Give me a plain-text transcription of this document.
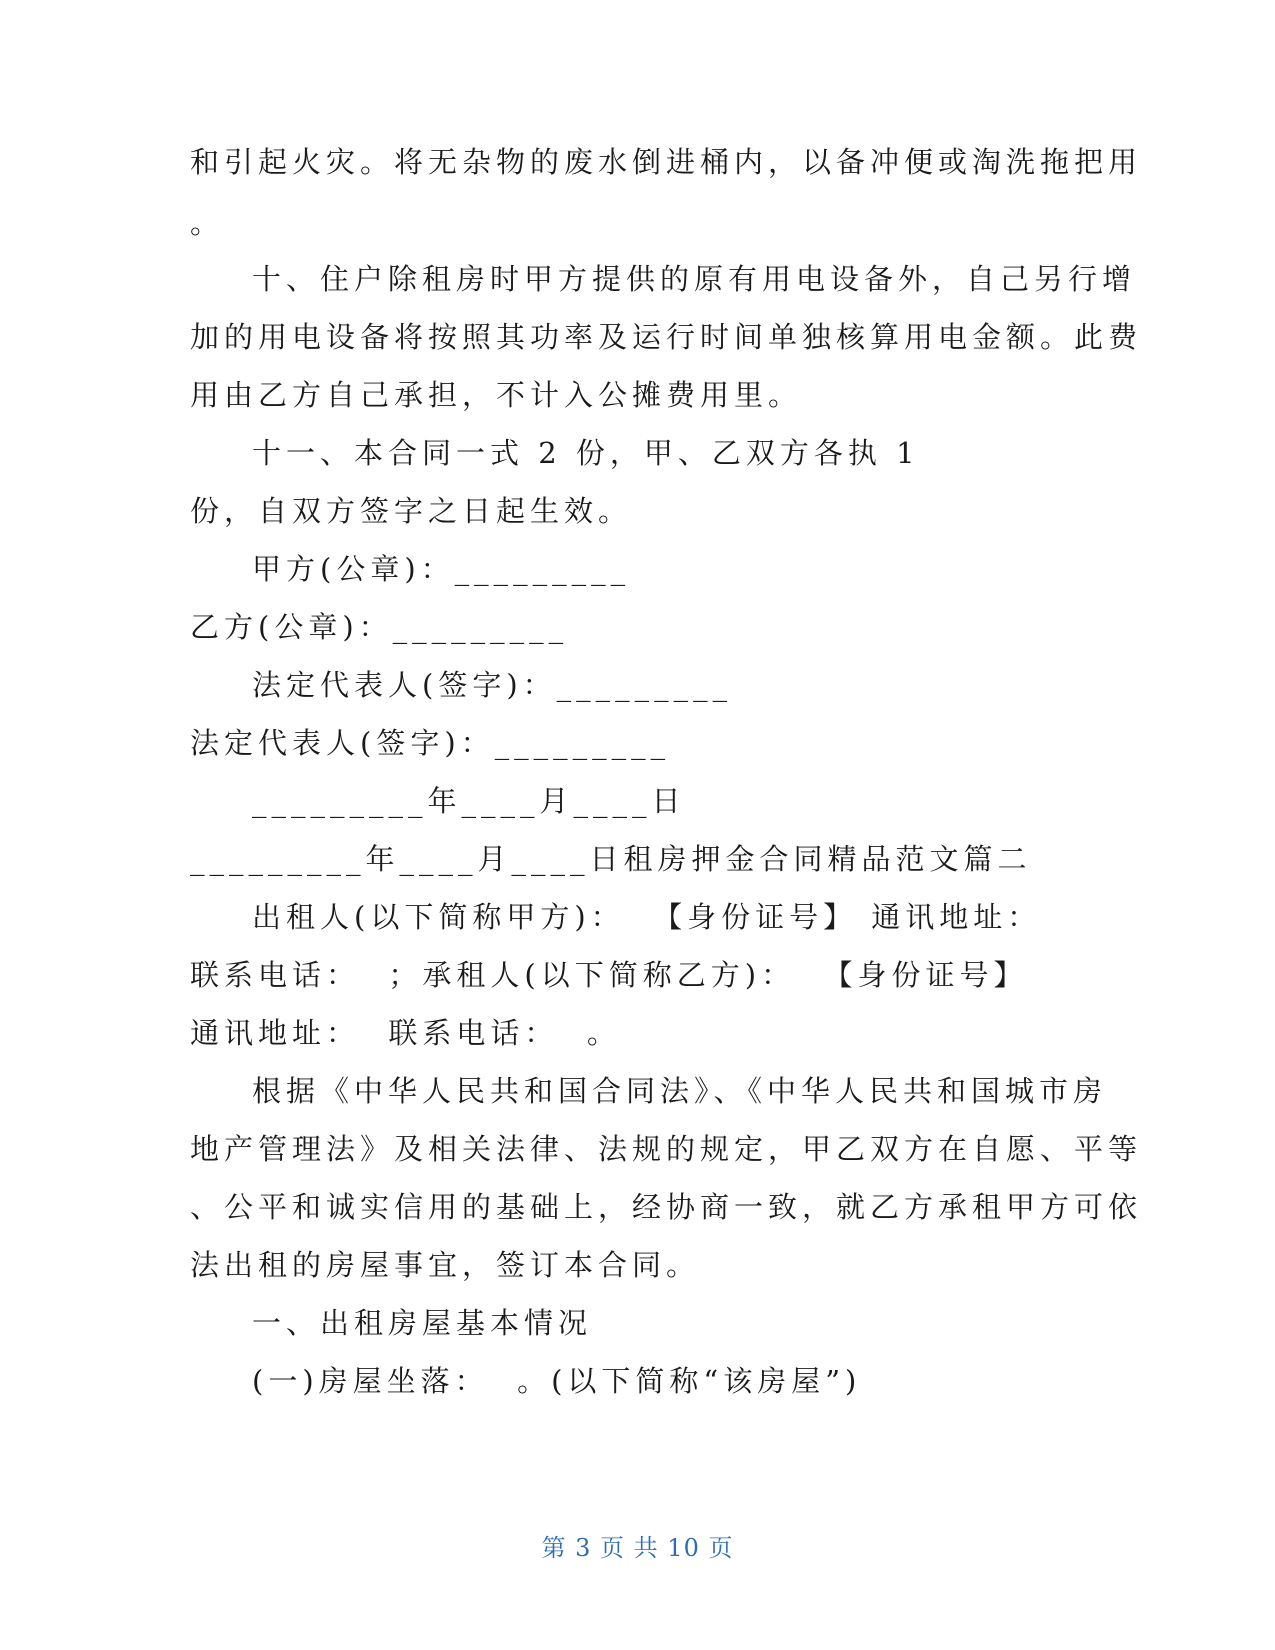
和引起火灾。将无杂物的废水倒进桶内，以备冲便或淘洗拖把用
。
十、住户除租房时甲方提供的原有用电设备外，自己另行增
加的用电设备将按照其功率及运行时间单独核算用电金额。此费
用由乙方自己承担，不计入公摊费用里。
十一、本合同一式 2 份，甲、乙双方各执 1
份，自双方签字之日起生效。
甲方(公章)：_________
乙方(公章)：_________
法定代表人(签字)：_________
法定代表人(签字)：_________
_________年____月____日
_________年____月____日租房押金合同精品范文篇二
出租人(以下简称甲方)：  【身份证号】 通讯地址：
联系电话：  ；承租人(以下简称乙方)：  【身份证号】
通讯地址：  联系电话：  。
根据《中华人民共和国合同法》、《中华人民共和国城市房
地产管理法》及相关法律、法规的规定，甲乙双方在自愿、平等
、公平和诚实信用的基础上，经协商一致，就乙方承租甲方可依
法出租的房屋事宜，签订本合同。
一、出租房屋基本情况
(一)房屋坐落：  。(以下简称“该房屋”)
第 3 页 共 10 页
